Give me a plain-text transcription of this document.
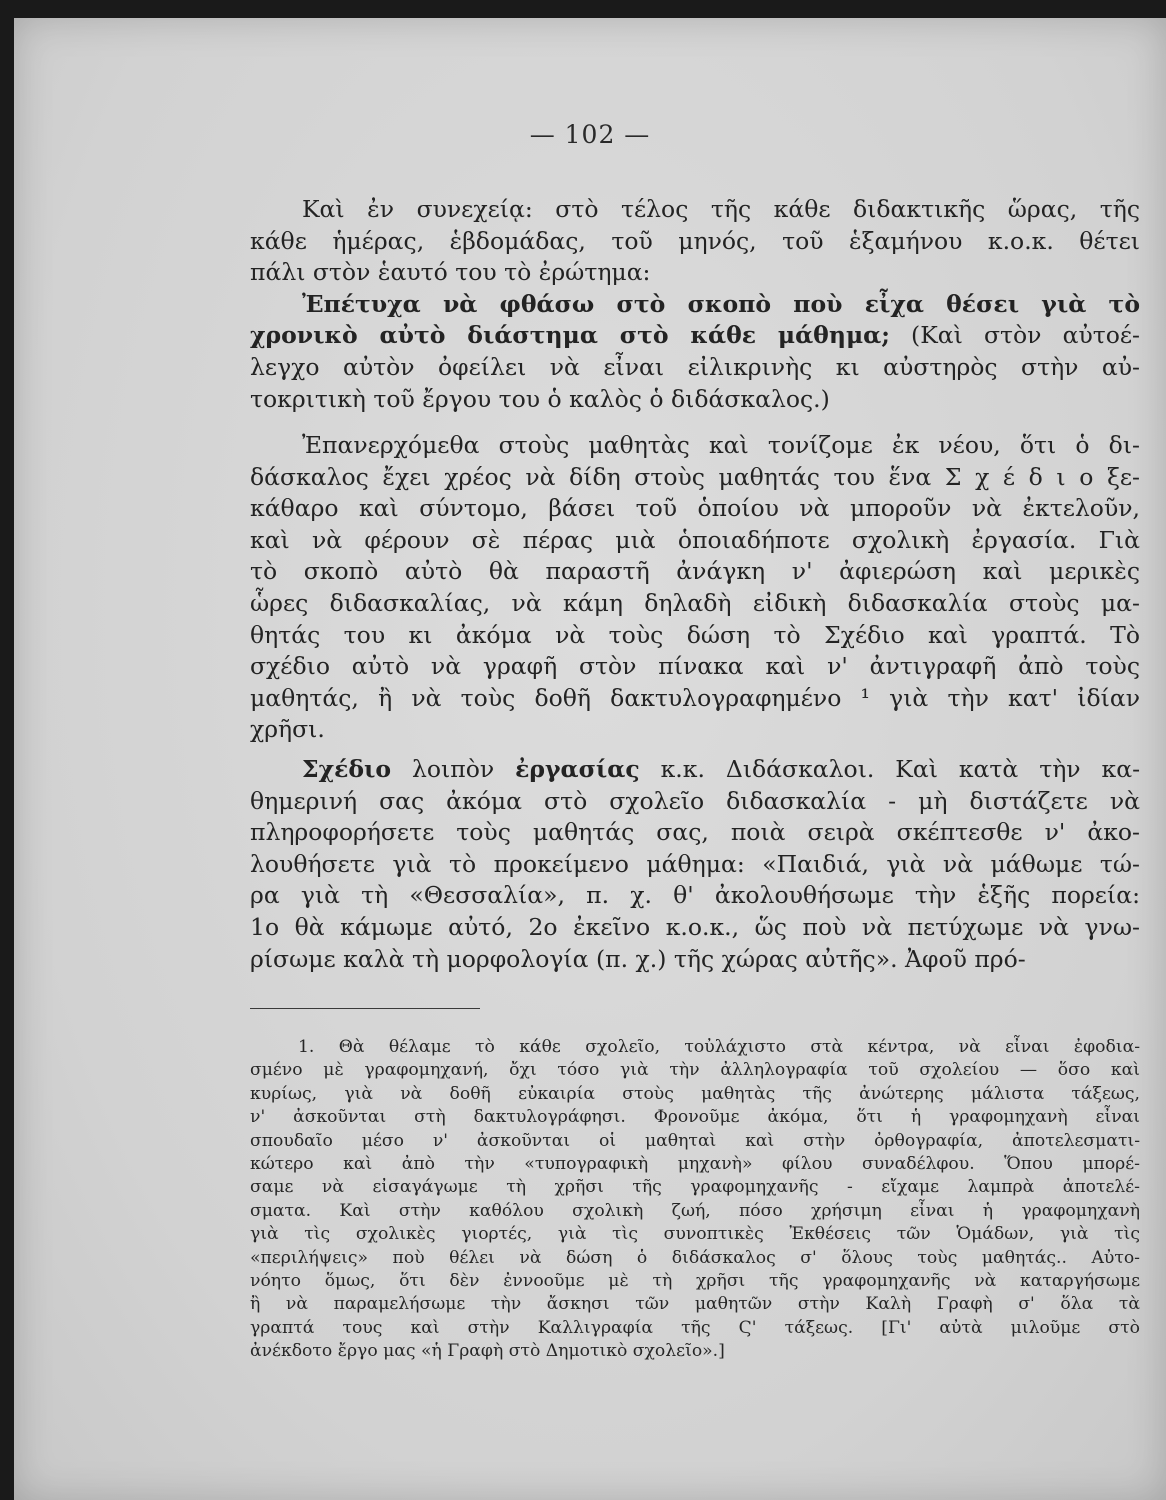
— 102 —
Καὶ ἐν συνεχείᾳ: στὸ τέλος τῆς κάθε διδακτικῆς ὥρας, τῆς
κάθε ἡμέρας, ἑβδομάδας, τοῦ μηνός, τοῦ ἑξαμήνου κ.ο.κ. θέτει
πάλι στὸν ἑαυτό του τὸ ἐρώτημα:
Ἐπέτυχα νὰ φθάσω στὸ σκοπὸ ποὺ εἶχα θέσει γιὰ τὸ
χρονικὸ αὐτὸ διάστημα στὸ κάθε μάθημα; (Καὶ στὸν αὐτοέ-
λεγχο αὐτὸν ὀφείλει νὰ εἶναι εἰλικρινὴς κι αὐστηρὸς στὴν αὐ-
τοκριτικὴ τοῦ ἔργου του ὁ καλὸς ὁ διδάσκαλος.)
Ἐπανερχόμεθα στοὺς μαθητὰς καὶ τονίζομε ἐκ νέου, ὅτι ὁ δι-
δάσκαλος ἔχει χρέος νὰ δίδη στοὺς μαθητάς του ἕνα Σ χ έ δ ι ο ξε-
κάθαρο καὶ σύντομο, βάσει τοῦ ὁποίου νὰ μποροῦν νὰ ἐκτελοῦν,
καὶ νὰ φέρουν σὲ πέρας μιὰ ὁποιαδήποτε σχολικὴ ἐργασία. Γιὰ
τὸ σκοπὸ αὐτὸ θὰ παραστῆ ἀνάγκη ν' ἀφιερώση καὶ μερικὲς
ὧρες διδασκαλίας, νὰ κάμη δηλαδὴ εἰδικὴ διδασκαλία στοὺς μα-
θητάς του κι ἀκόμα νὰ τοὺς δώση τὸ Σχέδιο καὶ γραπτά. Τὸ
σχέδιο αὐτὸ νὰ γραφῆ στὸν πίνακα καὶ ν' ἀντιγραφῆ ἀπὸ τοὺς
μαθητάς, ἢ νὰ τοὺς δοθῆ δακτυλογραφημένο ¹ γιὰ τὴν κατ' ἰδίαν
χρῆσι.
Σχέδιο λοιπὸν ἐργασίας κ.κ. Διδάσκαλοι. Καὶ κατὰ τὴν κα-
θημερινή σας ἀκόμα στὸ σχολεῖο διδασκαλία - μὴ διστάζετε νὰ
πληροφορήσετε τοὺς μαθητάς σας, ποιὰ σειρὰ σκέπτεσθε ν' ἀκο-
λουθήσετε γιὰ τὸ προκείμενο μάθημα: «Παιδιά, γιὰ νὰ μάθωμε τώ-
ρα γιὰ τὴ «Θεσσαλία», π. χ. θ' ἀκολουθήσωμε τὴν ἑξῆς πορεία:
1ο θὰ κάμωμε αὐτό, 2ο ἐκεῖνο κ.ο.κ., ὥς ποὺ νὰ πετύχωμε νὰ γνω-
ρίσωμε καλὰ τὴ μορφολογία (π. χ.) τῆς χώρας αὐτῆς». Ἀφοῦ πρό-
1. Θὰ θέλαμε τὸ κάθε σχολεῖο, τοὐλάχιστο στὰ κέντρα, νὰ εἶναι ἐφοδια-
σμένο μὲ γραφομηχανή, ὄχι τόσο γιὰ τὴν ἀλληλογραφία τοῦ σχολείου — ὅσο καὶ
κυρίως, γιὰ νὰ δοθῆ εὐκαιρία στοὺς μαθητὰς τῆς ἀνώτερης μάλιστα τάξεως,
ν' ἀσκοῦνται στὴ δακτυλογράφησι. Φρονοῦμε ἀκόμα, ὅτι ἡ γραφομηχανὴ εἶναι
σπουδαῖο μέσο ν' ἀσκοῦνται οἱ μαθηταὶ καὶ στὴν ὀρθογραφία, ἀποτελεσματι-
κώτερο καὶ ἀπὸ τὴν «τυπογραφικὴ μηχανὴ» φίλου συναδέλφου. Ὅπου μπορέ-
σαμε νὰ εἰσαγάγωμε τὴ χρῆσι τῆς γραφομηχανῆς - εἴχαμε λαμπρὰ ἀποτελέ-
σματα. Καὶ στὴν καθόλου σχολικὴ ζωή, πόσο χρήσιμη εἶναι ἡ γραφομηχανὴ
γιὰ τὶς σχολικὲς γιορτές, γιὰ τὶς συνοπτικὲς Ἐκθέσεις τῶν Ὁμάδων, γιὰ τὶς
«περιλήψεις» ποὺ θέλει νὰ δώση ὁ διδάσκαλος σ' ὅλους τοὺς μαθητάς.. Αὐτο-
νόητο ὅμως, ὅτι δὲν ἐννοοῦμε μὲ τὴ χρῆσι τῆς γραφομηχανῆς νὰ καταργήσωμε
ἢ νὰ παραμελήσωμε τὴν ἄσκησι τῶν μαθητῶν στὴν Καλὴ Γραφὴ σ' ὅλα τὰ
γραπτά τους καὶ στὴν Καλλιγραφία τῆς Ϛ' τάξεως. [Γι' αὐτὰ μιλοῦμε στὸ
ἀνέκδοτο ἔργο μας «ἡ Γραφὴ στὸ Δημοτικὸ σχολεῖο».]
